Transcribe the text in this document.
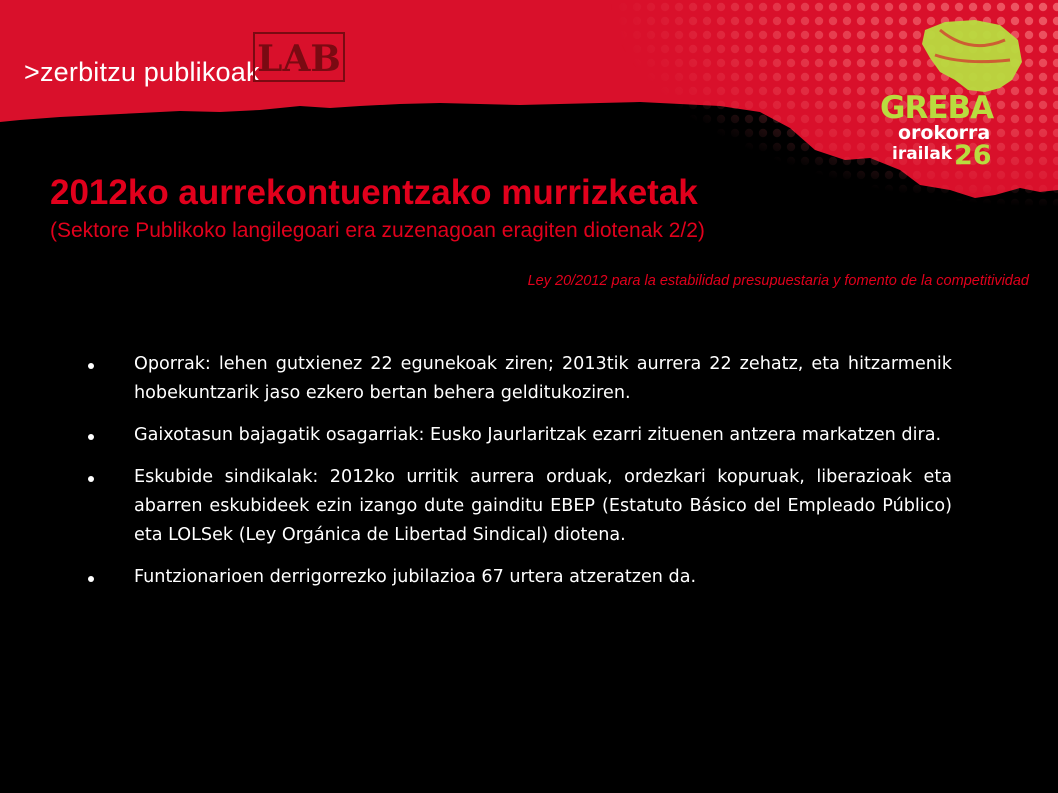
>zerbitzu publikoak
LAB
GREBA
orokorra
irailak 26
2012ko aurrekontuentzako murrizketak
(Sektore Publikoko langilegoari era zuzenagoan eragiten diotenak 2/2)
Ley 20/2012 para la estabilidad presupuestaria y fomento de la competitividad
Oporrak: lehen gutxienez 22 egunekoak ziren; 2013tik aurrera 22 zehatz, eta hitzarmenik hobekuntzarik jaso ezkero bertan behera gelditukoziren.
Gaixotasun bajagatik osagarriak: Eusko Jaurlaritzak ezarri zituenen antzera markatzen dira.
Eskubide sindikalak: 2012ko urritik aurrera orduak, ordezkari kopuruak, liberazioak eta abarren eskubideek ezin izango dute gainditu EBEP (Estatuto Básico del Empleado Público) eta LOLSek (Ley Orgánica de Libertad Sindical) diotena.
Funtzionarioen derrigorrezko jubilazioa 67 urtera atzeratzen da.
